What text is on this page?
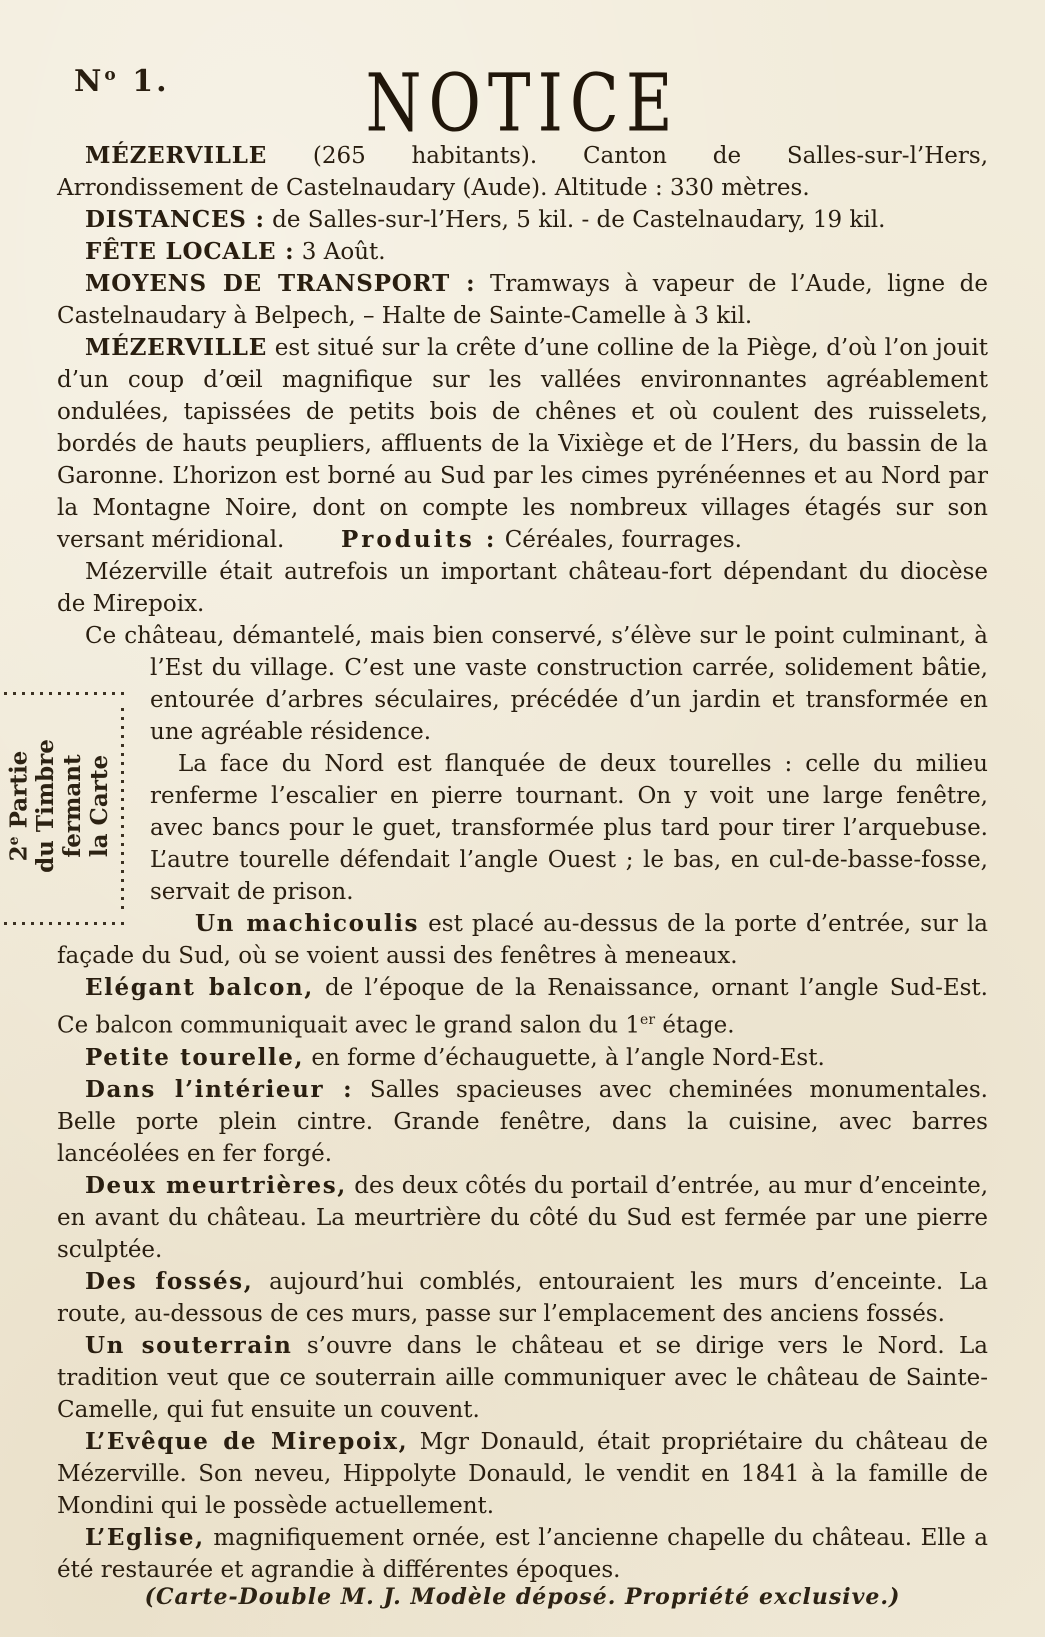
$N^o$ 1.	NOTICE
2e Partie du Timbre fermant la Carte

MÉZERVILLE (265 habitants). Canton de Salles-sur-l’Hers, Arrondissement de Castelnaudary (Aude). Altitude : 330 mètres.

DISTANCES : de Salles-sur-l’Hers, 5 kil. - de Castelnaudary, 19 kil.

FÊTE LOCALE : 3 Août.

MOYENS DE TRANSPORT : Tramways à vapeur de l’Aude, ligne de Castelnaudary à Belpech, – Halte de Sainte-Camelle à 3 kil.

MÉZERVILLE est situé sur la crête d’une colline de la Piège, d’où l’on jouit d’un coup d’œil magnifique sur les vallées environnantes agréablement ondulées, tapissées de petits bois de chênes et où coulent des ruisselets, bordés de hauts peupliers, affluents de la Vixiège et de l’Hers, du bassin de la Garonne. L’horizon est borné au Sud par les cimes pyrénéennes et au Nord par la Montagne Noire, dont on compte les nombreux villages étagés sur son versant méridional. Produits : Céréales, fourrages.

Mézerville était autrefois un important château-fort dépendant du diocèse de Mirepoix.

Ce château, démantelé, mais bien conservé, s’élève sur le point culminant, à

l’Est du village. C’est une vaste construction carrée, solidement bâtie, entourée d’arbres séculaires, précédée d’un jardin et transformée en une agréable résidence.

La face du Nord est flanquée de deux tourelles : celle du milieu renferme l’escalier en pierre tournant. On y voit une large fenêtre, avec bancs pour le guet, transformée plus tard pour tirer l’arquebuse. L’autre tourelle défendait l’angle Ouest ; le bas, en cul-de-basse-fosse, servait de prison.

Un machicoulis est placé au-dessus de la porte d’entrée, sur la façade du Sud, où se voient aussi des fenêtres à meneaux.

Elégant balcon, de l’époque de la Renaissance, ornant l’angle Sud-Est. Ce balcon communiquait avec le grand salon du 1er étage.

Petite tourelle, en forme d’échauguette, à l’angle Nord-Est.

Dans l’intérieur : Salles spacieuses avec cheminées monumentales. Belle porte plein cintre. Grande fenêtre, dans la cuisine, avec barres lancéolées en fer forgé.

Deux meurtrières, des deux côtés du portail d’entrée, au mur d’enceinte, en avant du château. La meurtrière du côté du Sud est fermée par une pierre sculptée.

Des fossés, aujourd’hui comblés, entouraient les murs d’enceinte. La route, au-dessous de ces murs, passe sur l’emplacement des anciens fossés.

Un souterrain s’ouvre dans le château et se dirige vers le Nord. La tradition veut que ce souterrain aille communiquer avec le château de Sainte-Camelle, qui fut ensuite un couvent.

L’Evêque de Mirepoix, Mgr Donauld, était propriétaire du château de Mézerville. Son neveu, Hippolyte Donauld, le vendit en 1841 à la famille de Mondini qui le possède actuellement.

L’Eglise, magnifiquement ornée, est l’ancienne chapelle du château. Elle a été restaurée et agrandie à différentes époques.

(Carte-Double M. J. Modèle déposé. Propriété exclusive.)
